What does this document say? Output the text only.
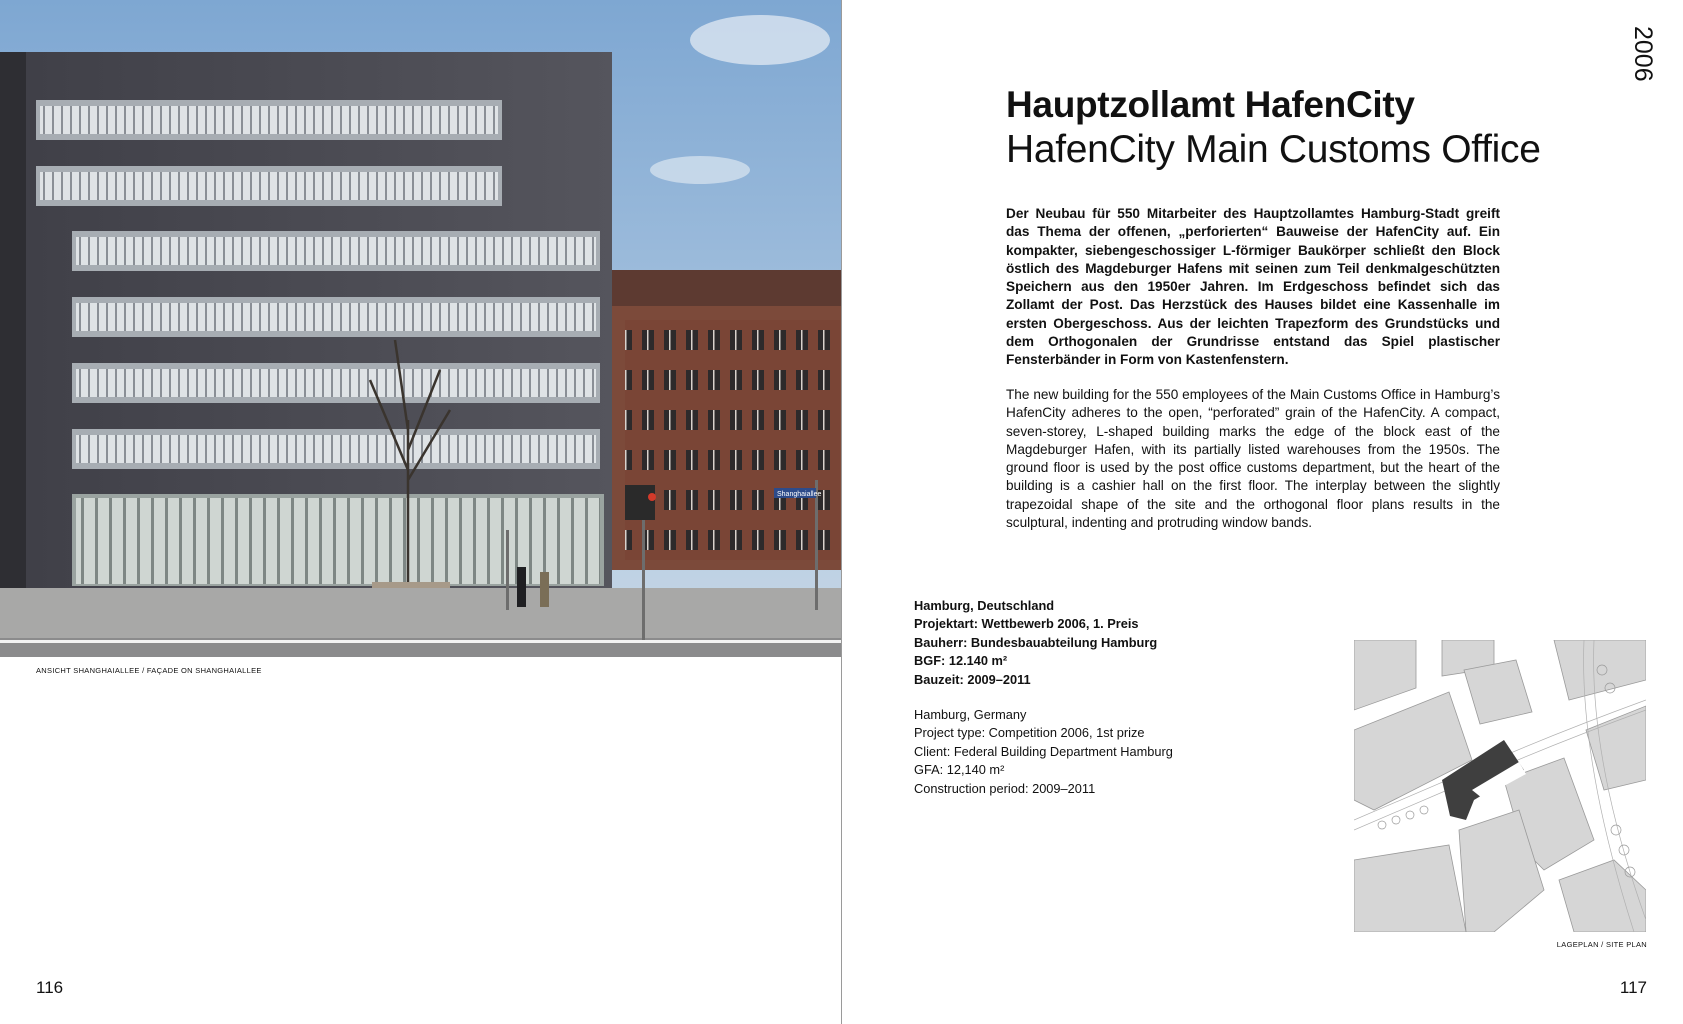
Shanghaiallee
ANSICHT SHANGHAIALLEE / FAÇADE ON SHANGHAIALLEE
116
2006
Hauptzollamt HafenCity
HafenCity Main Customs Office
Der Neubau für 550 Mitarbeiter des Hauptzollamtes Hamburg-Stadt greift das Thema der offenen, „perforierten“ Bauweise der HafenCity auf. Ein kompakter, siebengeschossiger L-förmiger Baukörper schließt den Block östlich des Magdeburger Hafens mit seinen zum Teil denkmalgeschützten Speichern aus den 1950er Jahren. Im Erdgeschoss befindet sich das Zollamt der Post. Das Herzstück des Hauses bildet eine Kassenhalle im ersten Obergeschoss. Aus der leichten Trapezform des Grundstücks und dem Orthogonalen der Grundrisse entstand das Spiel plastischer Fensterbänder in Form von Kastenfenstern.
The new building for the 550 employees of the Main Customs Office in Hamburg’s HafenCity adheres to the open, “perforated” grain of the HafenCity. A compact, seven-storey, L-shaped building marks the edge of the block east of the Magdeburger Hafen, with its partially listed warehouses from the 1950s. The ground floor is used by the post office customs department, but the heart of the building is a cashier hall on the first floor. The interplay between the slightly trapezoidal shape of the site and the orthogonal floor plans results in the sculptural, indenting and protruding window bands.
Hamburg, Deutschland
Projektart: Wettbewerb 2006, 1. Preis
Bauherr: Bundesbauabteilung Hamburg
BGF: 12.140 m²
Bauzeit: 2009–2011
Hamburg, Germany
Project type: Competition 2006, 1st prize
Client: Federal Building Department Hamburg
GFA: 12,140 m²
Construction period: 2009–2011
LAGEPLAN / SITE PLAN
117
